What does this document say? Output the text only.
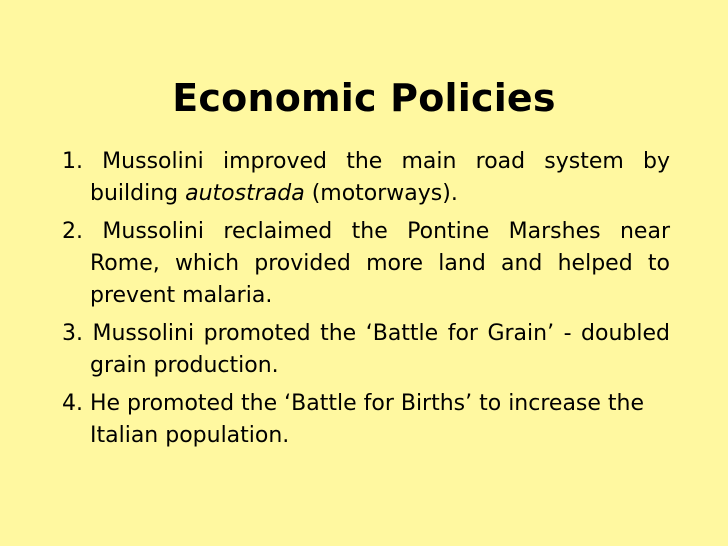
Economic Policies

1. Mussolini improved the main road system by building autostrada (motorways).

2. Mussolini reclaimed the Pontine Marshes near Rome, which provided more land and helped to prevent malaria.

3. Mussolini promoted the ‘Battle for Grain’ - doubled grain production.

4. He promoted the ‘Battle for Births’ to increase the Italian population.
